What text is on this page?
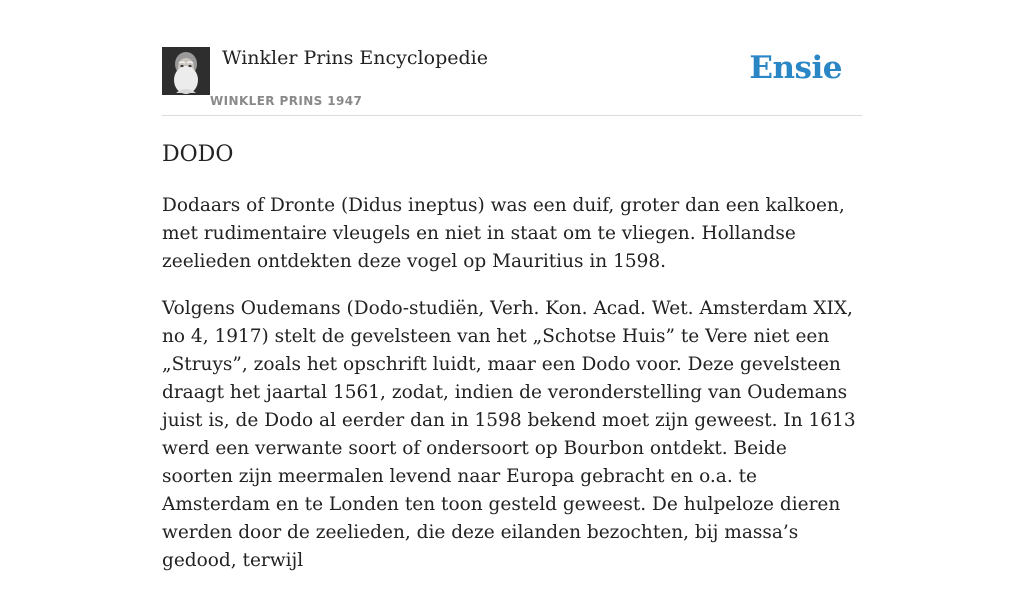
Winkler Prins Encyclopedie
WINKLER PRINS 1947
Ensie
DODO

Dodaars of Dronte (Didus ineptus) was een duif, groter dan een kalkoen, met rudimentaire vleugels en niet in staat om te vliegen. Hollandse zeelieden ontdekten deze vogel op Mauritius in 1598.

Volgens Oudemans (Dodo-studiën, Verh. Kon. Acad. Wet. Amsterdam XIX, no 4, 1917) stelt de gevelsteen van het „Schotse Huis” te Vere niet een „Struys”, zoals het opschrift luidt, maar een Dodo voor. Deze gevelsteen draagt het jaartal 1561, zodat, indien de veronderstelling van Oudemans juist is, de Dodo al eerder dan in 1598 bekend moet zijn geweest. In 1613 werd een verwante soort of ondersoort op Bourbon ontdekt. Beide soorten zijn meermalen levend naar Europa gebracht en o.a. te Amsterdam en te Londen ten toon gesteld geweest. De hulpeloze dieren werden door de zeelieden, die deze eilanden bezochten, bij massa’s gedood, terwijl
